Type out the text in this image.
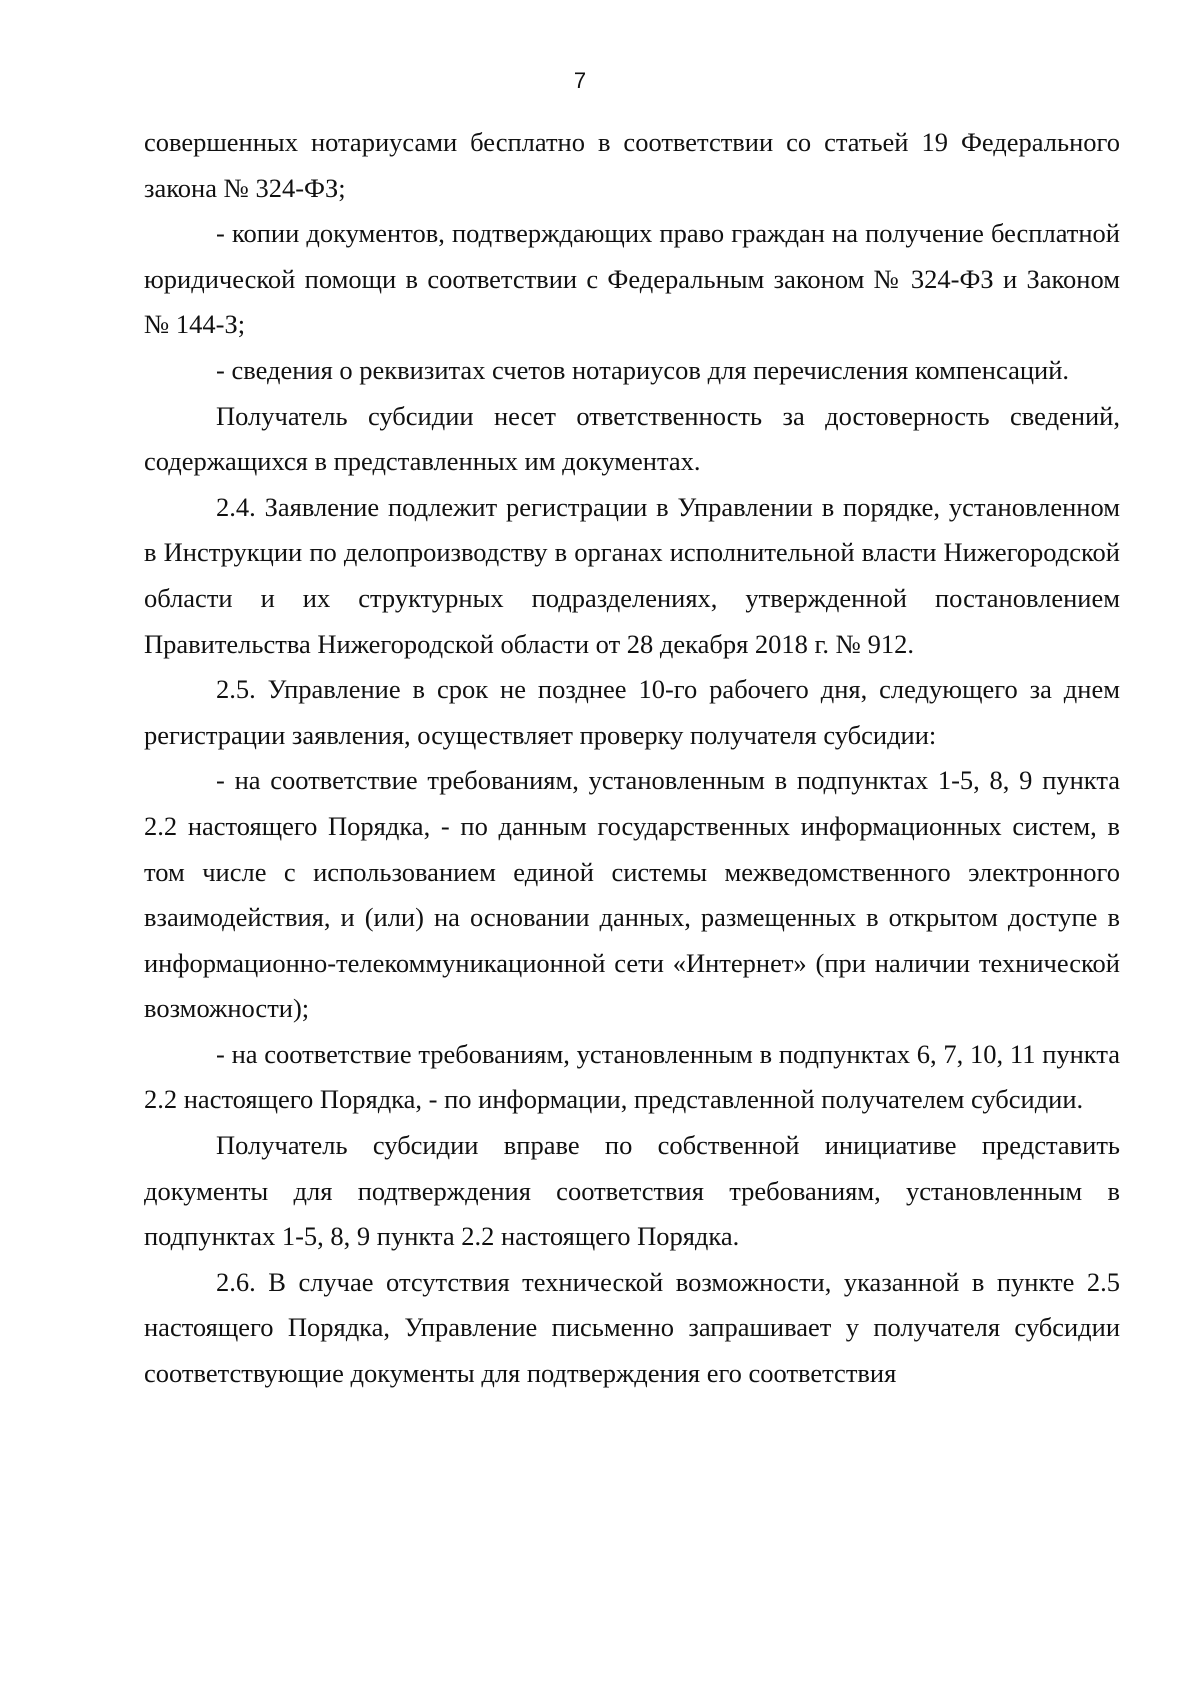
7

совершенных нотариусами бесплатно в соответствии со статьей 19 Федерального закона № 324-ФЗ;

- копии документов, подтверждающих право граждан на получение бесплатной юридической помощи в соответствии с Федеральным законом № 324-ФЗ и Законом № 144-З;

- сведения о реквизитах счетов нотариусов для перечисления компенсаций.

Получатель субсидии несет ответственность за достоверность сведений, содержащихся в представленных им документах.

2.4. Заявление подлежит регистрации в Управлении в порядке, установленном в Инструкции по делопроизводству в органах исполнительной власти Нижегородской области и их структурных подразделениях, утвержденной постановлением Правительства Нижегородской области от 28 декабря 2018 г. № 912.

2.5. Управление в срок не позднее 10-го рабочего дня, следующего за днем регистрации заявления, осуществляет проверку получателя субсидии:

- на соответствие требованиям, установленным в подпунктах 1-5, 8, 9 пункта 2.2 настоящего Порядка, - по данным государственных информационных систем, в том числе с использованием единой системы межведомственного электронного взаимодействия, и (или) на основании данных, размещенных в открытом доступе в информационно-телекоммуникационной сети «Интернет» (при наличии технической возможности);

- на соответствие требованиям, установленным в подпунктах 6, 7, 10, 11 пункта 2.2 настоящего Порядка, - по информации, представленной получателем субсидии.

Получатель субсидии вправе по собственной инициативе представить документы для подтверждения соответствия требованиям, установленным в подпунктах 1-5, 8, 9 пункта 2.2 настоящего Порядка.

2.6. В случае отсутствия технической возможности, указанной в пункте 2.5 настоящего Порядка, Управление письменно запрашивает у получателя субсидии соответствующие документы для подтверждения его соответствия
